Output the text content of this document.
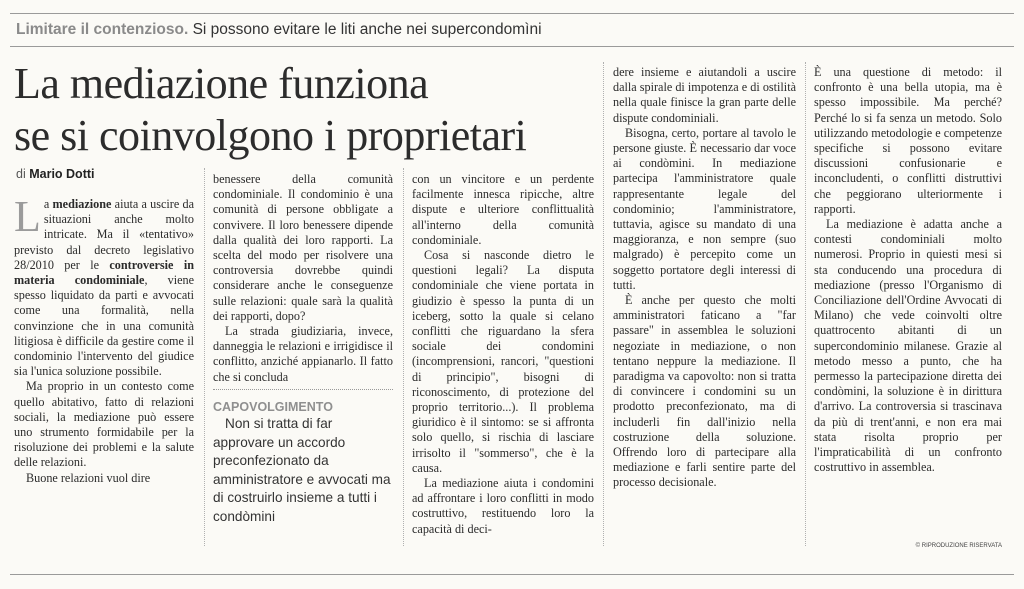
Limitare il contenzioso. Si possono evitare le liti anche nei supercondomìni
La mediazione funziona
se si coinvolgono i proprietari
di Mario Dotti

La mediazione aiuta a uscire da situazioni anche molto intricate. Ma il «tentativo» previsto dal decreto legislativo 28/2010 per le controversie in materia condominiale, viene spesso liquidato da parti e avvocati come una formalità, nella convinzione che in una comunità litigiosa è difficile da gestire come il condominio l'intervento del giudice sia l'unica soluzione possibile.

Ma proprio in un contesto come quello abitativo, fatto di relazioni sociali, la mediazione può essere uno strumento formidabile per la risoluzione dei problemi e la salute delle relazioni.

Buone relazioni vuol dire

benessere della comunità condominiale. Il condominio è una comunità di persone obbligate a convivere. Il loro benessere dipende dalla qualità dei loro rapporti. La scelta del modo per risolvere una controversia dovrebbe quindi considerare anche le conseguenze sulle relazioni: quale sarà la qualità dei rapporti, dopo?

La strada giudiziaria, invece, danneggia le relazioni e irrigidisce il conflitto, anziché appianarlo. Il fatto che si concluda

CAPOVOLGIMENTO

Non si tratta di far approvare un accordo preconfezionato da amministratore e avvocati ma di costruirlo insieme a tutti i condòmini

con un vincitore e un perdente facilmente innesca ripicche, altre dispute e ulteriore conflittualità all'interno della comunità condominiale.

Cosa si nasconde dietro le questioni legali? La disputa condominiale che viene portata in giudizio è spesso la punta di un iceberg, sotto la quale si celano conflitti che riguardano la sfera sociale dei condomini (incomprensioni, rancori, "questioni di principio", bisogni di riconoscimento, di protezione del proprio territorio...). Il problema giuridico è il sintomo: se si affronta solo quello, si rischia di lasciare irrisolto il "sommerso", che è la causa.

La mediazione aiuta i condomini ad affrontare i loro conflitti in modo costruttivo, restituendo loro la capacità di deci-

dere insieme e aiutandoli a uscire dalla spirale di impotenza e di ostilità nella quale finisce la gran parte delle dispute condominiali.

Bisogna, certo, portare al tavolo le persone giuste. È necessario dar voce ai condòmini. In mediazione partecipa l'amministratore quale rappresentante legale del condominio; l'amministratore, tuttavia, agisce su mandato di una maggioranza, e non sempre (suo malgrado) è percepito come un soggetto portatore degli interessi di tutti.

È anche per questo che molti amministratori faticano a "far passare" in assemblea le soluzioni negoziate in mediazione, o non tentano neppure la mediazione. Il paradigma va capovolto: non si tratta di convincere i condomini su un prodotto preconfezionato, ma di includerli fin dall'inizio nella costruzione della soluzione. Offrendo loro di partecipare alla mediazione e farli sentire parte del processo decisionale.

È una questione di metodo: il confronto è una bella utopia, ma è spesso impossibile. Ma perché? Perché lo si fa senza un metodo. Solo utilizzando metodologie e competenze specifiche si possono evitare discussioni confusionarie e inconcludenti, o conflitti distruttivi che peggiorano ulteriormente i rapporti.

La mediazione è adatta anche a contesti condominiali molto numerosi. Proprio in quiesti mesi si sta conducendo una procedura di mediazione (presso l'Organismo di Conciliazione dell'Ordine Avvocati di Milano) che vede coinvolti oltre quattrocento abitanti di un supercondominio milanese. Grazie al metodo messo a punto, che ha permesso la partecipazione diretta dei condòmini, la soluzione è in dirittura d'arrivo. La controversia si trascinava da più di trent'anni, e non era mai stata risolta proprio per l'impraticabilità di un confronto costruttivo in assemblea.

© RIPRODUZIONE RISERVATA
